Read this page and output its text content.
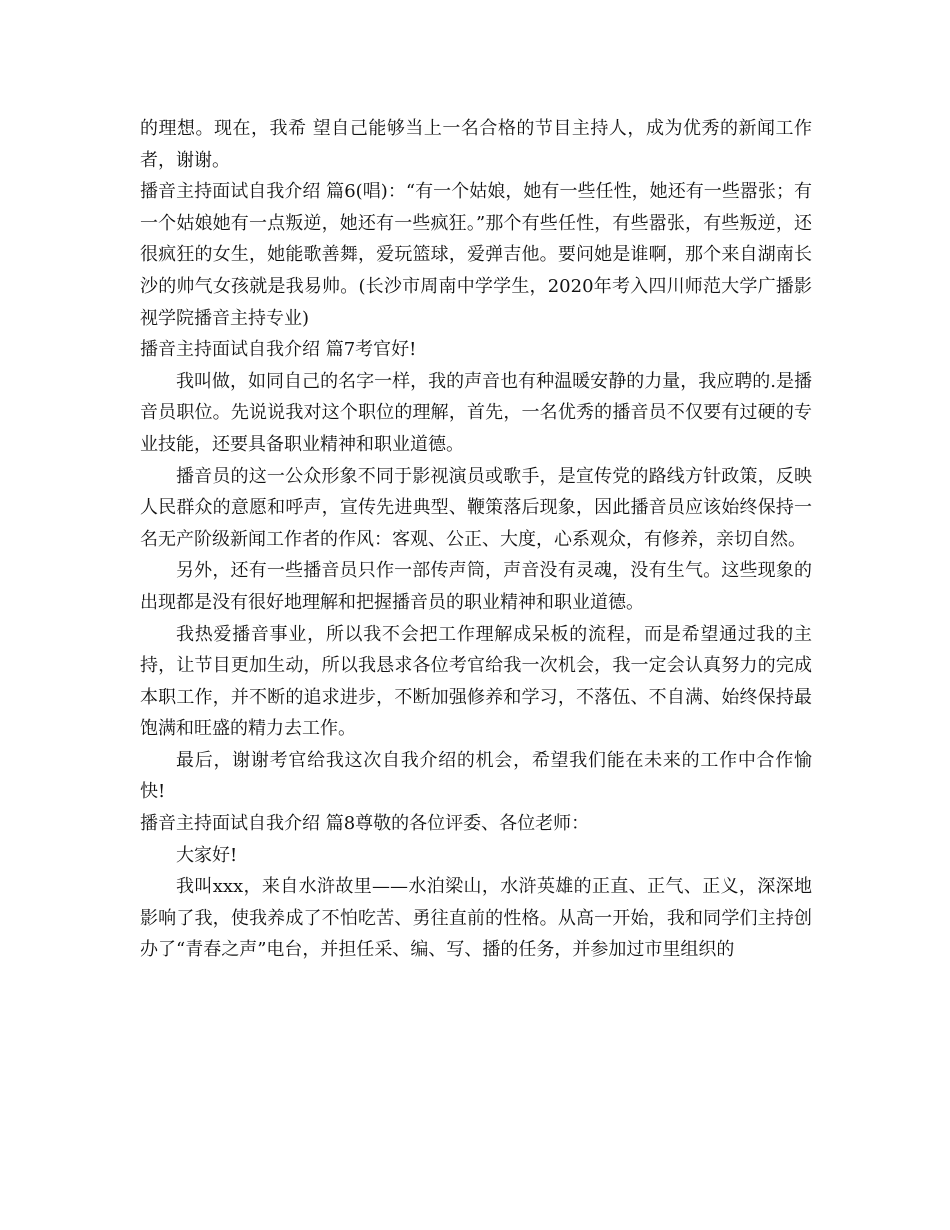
的理想。现在，我希 望自己能够当上一名合格的节目主持人，成为优秀的新闻工作者，谢谢。

播音主持面试自我介绍 篇6(唱)：“有一个姑娘，她有一些任性，她还有一些嚣张；有一个姑娘她有一点叛逆，她还有一些疯狂。”那个有些任性，有些嚣张，有些叛逆，还很疯狂的女生，她能歌善舞，爱玩篮球，爱弹吉他。要问她是谁啊，那个来自湖南长沙的帅气女孩就是我易帅。(长沙市周南中学学生，2020年考入四川师范大学广播影视学院播音主持专业)

播音主持面试自我介绍 篇7考官好!

我叫做，如同自己的名字一样，我的声音也有种温暖安静的力量，我应聘的.是播音员职位。先说说我对这个职位的理解，首先，一名优秀的播音员不仅要有过硬的专业技能，还要具备职业精神和职业道德。

播音员的这一公众形象不同于影视演员或歌手，是宣传党的路线方针政策，反映人民群众的意愿和呼声，宣传先进典型、鞭策落后现象，因此播音员应该始终保持一名无产阶级新闻工作者的作风：客观、公正、大度，心系观众，有修养，亲切自然。

另外，还有一些播音员只作一部传声筒，声音没有灵魂，没有生气。这些现象的出现都是没有很好地理解和把握播音员的职业精神和职业道德。

我热爱播音事业，所以我不会把工作理解成呆板的流程，而是希望通过我的主持，让节目更加生动，所以我恳求各位考官给我一次机会，我一定会认真努力的完成本职工作，并不断的追求进步，不断加强修养和学习，不落伍、不自满、始终保持最饱满和旺盛的精力去工作。

最后，谢谢考官给我这次自我介绍的机会，希望我们能在未来的工作中合作愉快!

播音主持面试自我介绍 篇8尊敬的各位评委、各位老师：

大家好!

我叫xxx，来自水浒故里——水泊梁山，水浒英雄的正直、正气、正义，深深地影响了我，使我养成了不怕吃苦、勇往直前的性格。从高一开始，我和同学们主持创办了“青春之声”电台，并担任采、编、写、播的任务，并参加过市里组织的
